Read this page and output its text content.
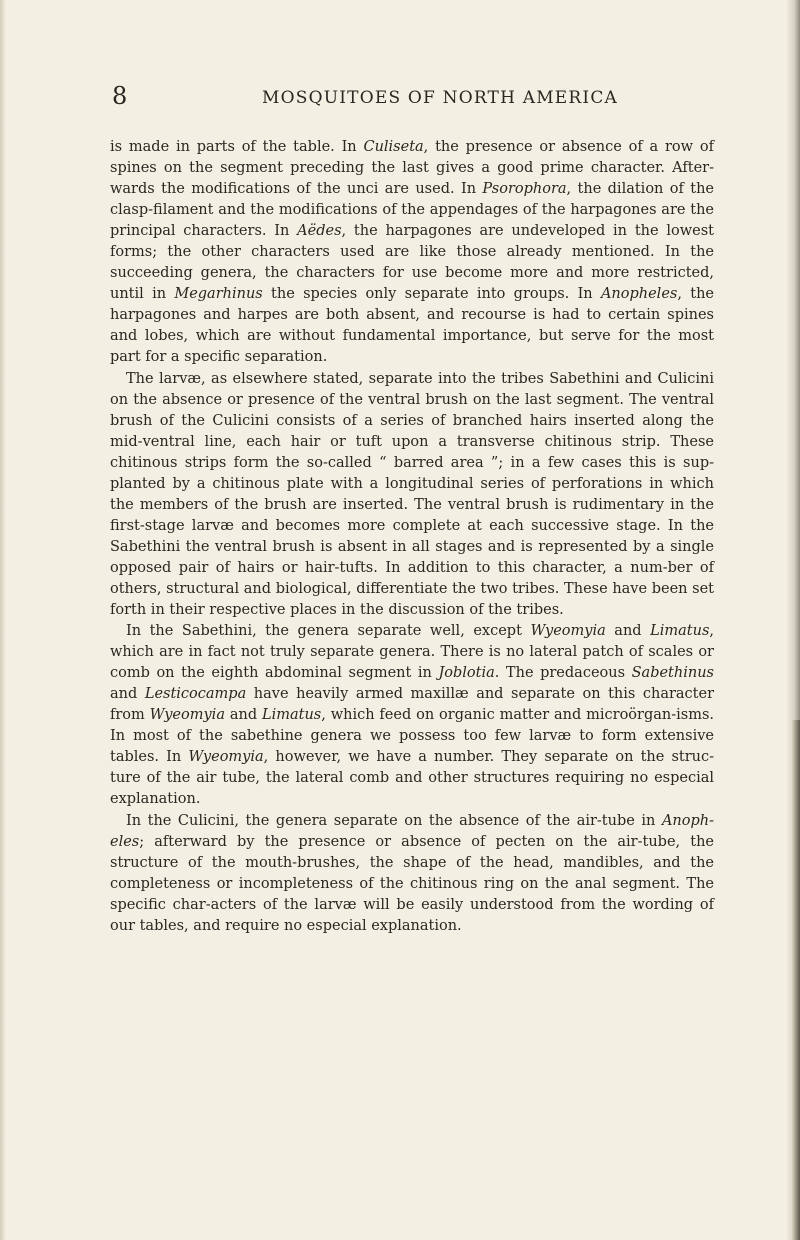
8	MOSQUITOES OF NORTH AMERICA

is made in parts of the table. In Culiseta, the presence or absence of a row of spines on the segment preceding the last gives a good prime character. After-wards the modifications of the unci are used. In Psorophora, the dilation of the clasp-filament and the modifications of the appendages of the harpagones are the principal characters. In Aëdes, the harpagones are undeveloped in the lowest forms; the other characters used are like those already mentioned. In the succeeding genera, the characters for use become more and more restricted, until in Megarhinus the species only separate into groups. In Anopheles, the harpagones and harpes are both absent, and recourse is had to certain spines and lobes, which are without fundamental importance, but serve for the most part for a specific separation.

The larvæ, as elsewhere stated, separate into the tribes Sabethini and Culicini on the absence or presence of the ventral brush on the last segment. The ventral brush of the Culicini consists of a series of branched hairs inserted along the mid-ventral line, each hair or tuft upon a transverse chitinous strip. These chitinous strips form the so-called “ barred area ”; in a few cases this is sup-planted by a chitinous plate with a longitudinal series of perforations in which the members of the brush are inserted. The ventral brush is rudimentary in the first-stage larvæ and becomes more complete at each successive stage. In the Sabethini the ventral brush is absent in all stages and is represented by a single opposed pair of hairs or hair-tufts. In addition to this character, a num-ber of others, structural and biological, differentiate the two tribes. These have been set forth in their respective places in the discussion of the tribes.

In the Sabethini, the genera separate well, except Wyeomyia and Limatus, which are in fact not truly separate genera. There is no lateral patch of scales or comb on the eighth abdominal segment in Joblotia. The predaceous Sabethinus and Lesticocampa have heavily armed maxillæ and separate on this character from Wyeomyia and Limatus, which feed on organic matter and microörgan-isms. In most of the sabethine genera we possess too few larvæ to form extensive tables. In Wyeomyia, however, we have a number. They separate on the struc-ture of the air tube, the lateral comb and other structures requiring no especial explanation.

In the Culicini, the genera separate on the absence of the air-tube in Anoph-eles; afterward by the presence or absence of pecten on the air-tube, the structure of the mouth-brushes, the shape of the head, mandibles, and the completeness or incompleteness of the chitinous ring on the anal segment. The specific char-acters of the larvæ will be easily understood from the wording of our tables, and require no especial explanation.
